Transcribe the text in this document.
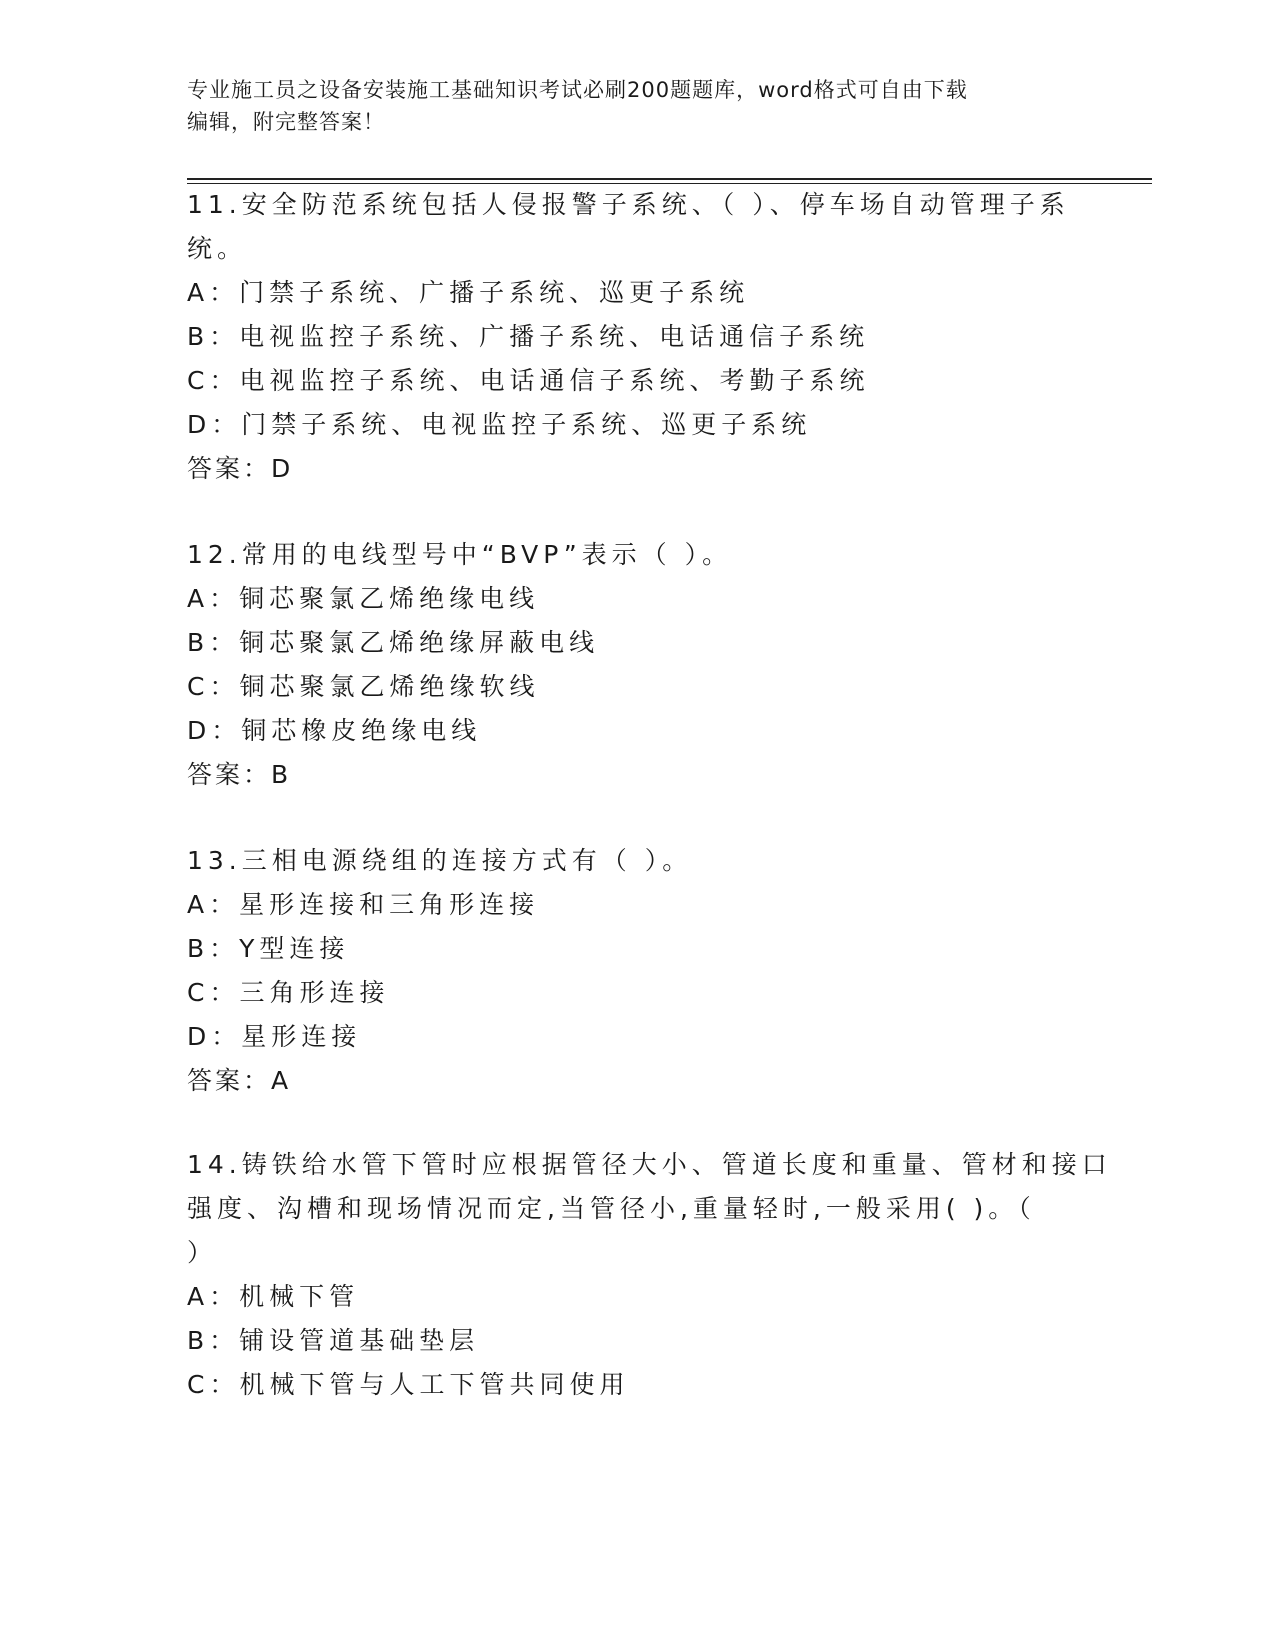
专业施工员之设备安装施工基础知识考试必刷200题题库，word格式可自由下载
编辑，附完整答案！
11.安全防范系统包括人侵报警子系统、（ ）、停车场自动管理子系
统。
A：门禁子系统、广播子系统、巡更子系统
B：电视监控子系统、广播子系统、电话通信子系统
C：电视监控子系统、电话通信子系统、考勤子系统
D：门禁子系统、电视监控子系统、巡更子系统
答案：D
12.常用的电线型号中“BVP”表示（ ）。
A：铜芯聚氯乙烯绝缘电线
B：铜芯聚氯乙烯绝缘屏蔽电线
C：铜芯聚氯乙烯绝缘软线
D：铜芯橡皮绝缘电线
答案：B
13.三相电源绕组的连接方式有（ ）。
A：星形连接和三角形连接
B：Y型连接
C：三角形连接
D：星形连接
答案：A
14.铸铁给水管下管时应根据管径大小、管道长度和重量、管材和接口
强度、沟槽和现场情况而定,当管径小,重量轻时,一般采用( )。（
）
A：机械下管
B：铺设管道基础垫层
C：机械下管与人工下管共同使用
